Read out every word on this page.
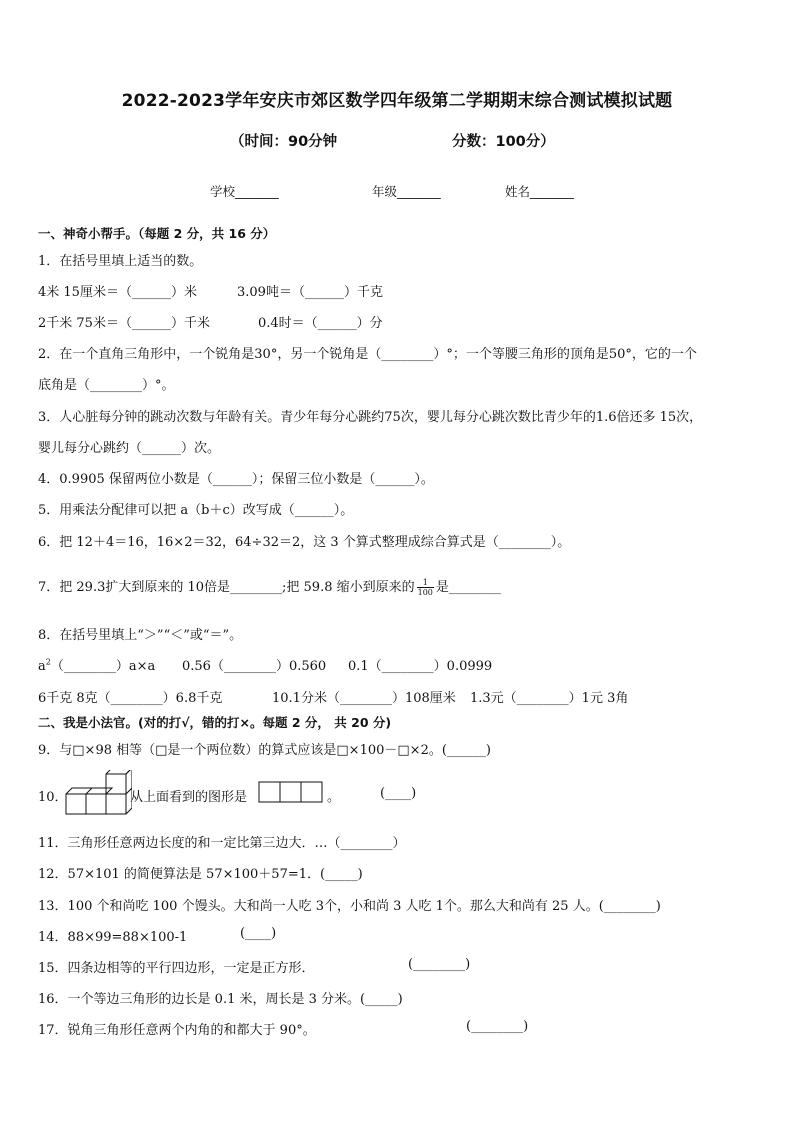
2022-2023学年安庆市郊区数学四年级第二学期期末综合测试模拟试题
（时间：90分钟	分数：100分）
学校_______	年级_______	姓名_______
一、神奇小帮手。（每题 2 分，共 16 分）
1．在括号里填上适当的数。
4米 15厘米＝（______）米	3.09吨＝（______）千克
2千米 75米＝（______）千米	0.4时＝（______）分
2．在一个直角三角形中，一个锐角是30°，另一个锐角是（________）°；一个等腰三角形的顶角是50°，它的一个
底角是（________）°。
3．人心脏每分钟的跳动次数与年龄有关。青少年每分心跳约75次，婴儿每分心跳次数比青少年的1.6倍还多 15次，
婴儿每分心跳约（______）次。
4．0.9905 保留两位小数是（______）；保留三位小数是（______）。
5．用乘法分配律可以把 a（b＋c）改写成（______）。
6．把 12＋4＝16，16×2＝32，64÷32＝2，这 3 个算式整理成综合算式是（________）。
7．把 29.3扩大到原来的 10倍是________;把 59.8 缩小到原来的 $\frac{1}{100}$ 是________
8．在括号里填上“＞”“＜”或“＝”。
$a^2(\_\_\_\_\_\_\_\_)a\times a$ 0.56（________）0.560 0.1（________）0.0999
6千克 8克（________）6.8千克	10.1分米（________）108厘米 1.3元（________）1元 3角
二、我是小法官。(对的打√，错的打×。每题 2 分， 共 20 分)
9．与□×98 相等（□是一个两位数）的算式应该是□×100－□×2。(______)
10．	从上面看到的图形是	。	(____)
11．三角形任意两边长度的和一定比第三边大．…（________）
12．57×101 的简便算法是 57×100＋57=1．(_____)
13．100 个和尚吃 100 个馒头。大和尚一人吃 3个，小和尚 3 人吃 1个。那么大和尚有 25 人。(________)
14．88×99=88×100-1	(____)
15．四条边相等的平行四边形，一定是正方形．	(________)
16．一个等边三角形的边长是 0.1 米，周长是 3 分米。(_____)
17．锐角三角形任意两个内角的和都大于 90°。	(________)
